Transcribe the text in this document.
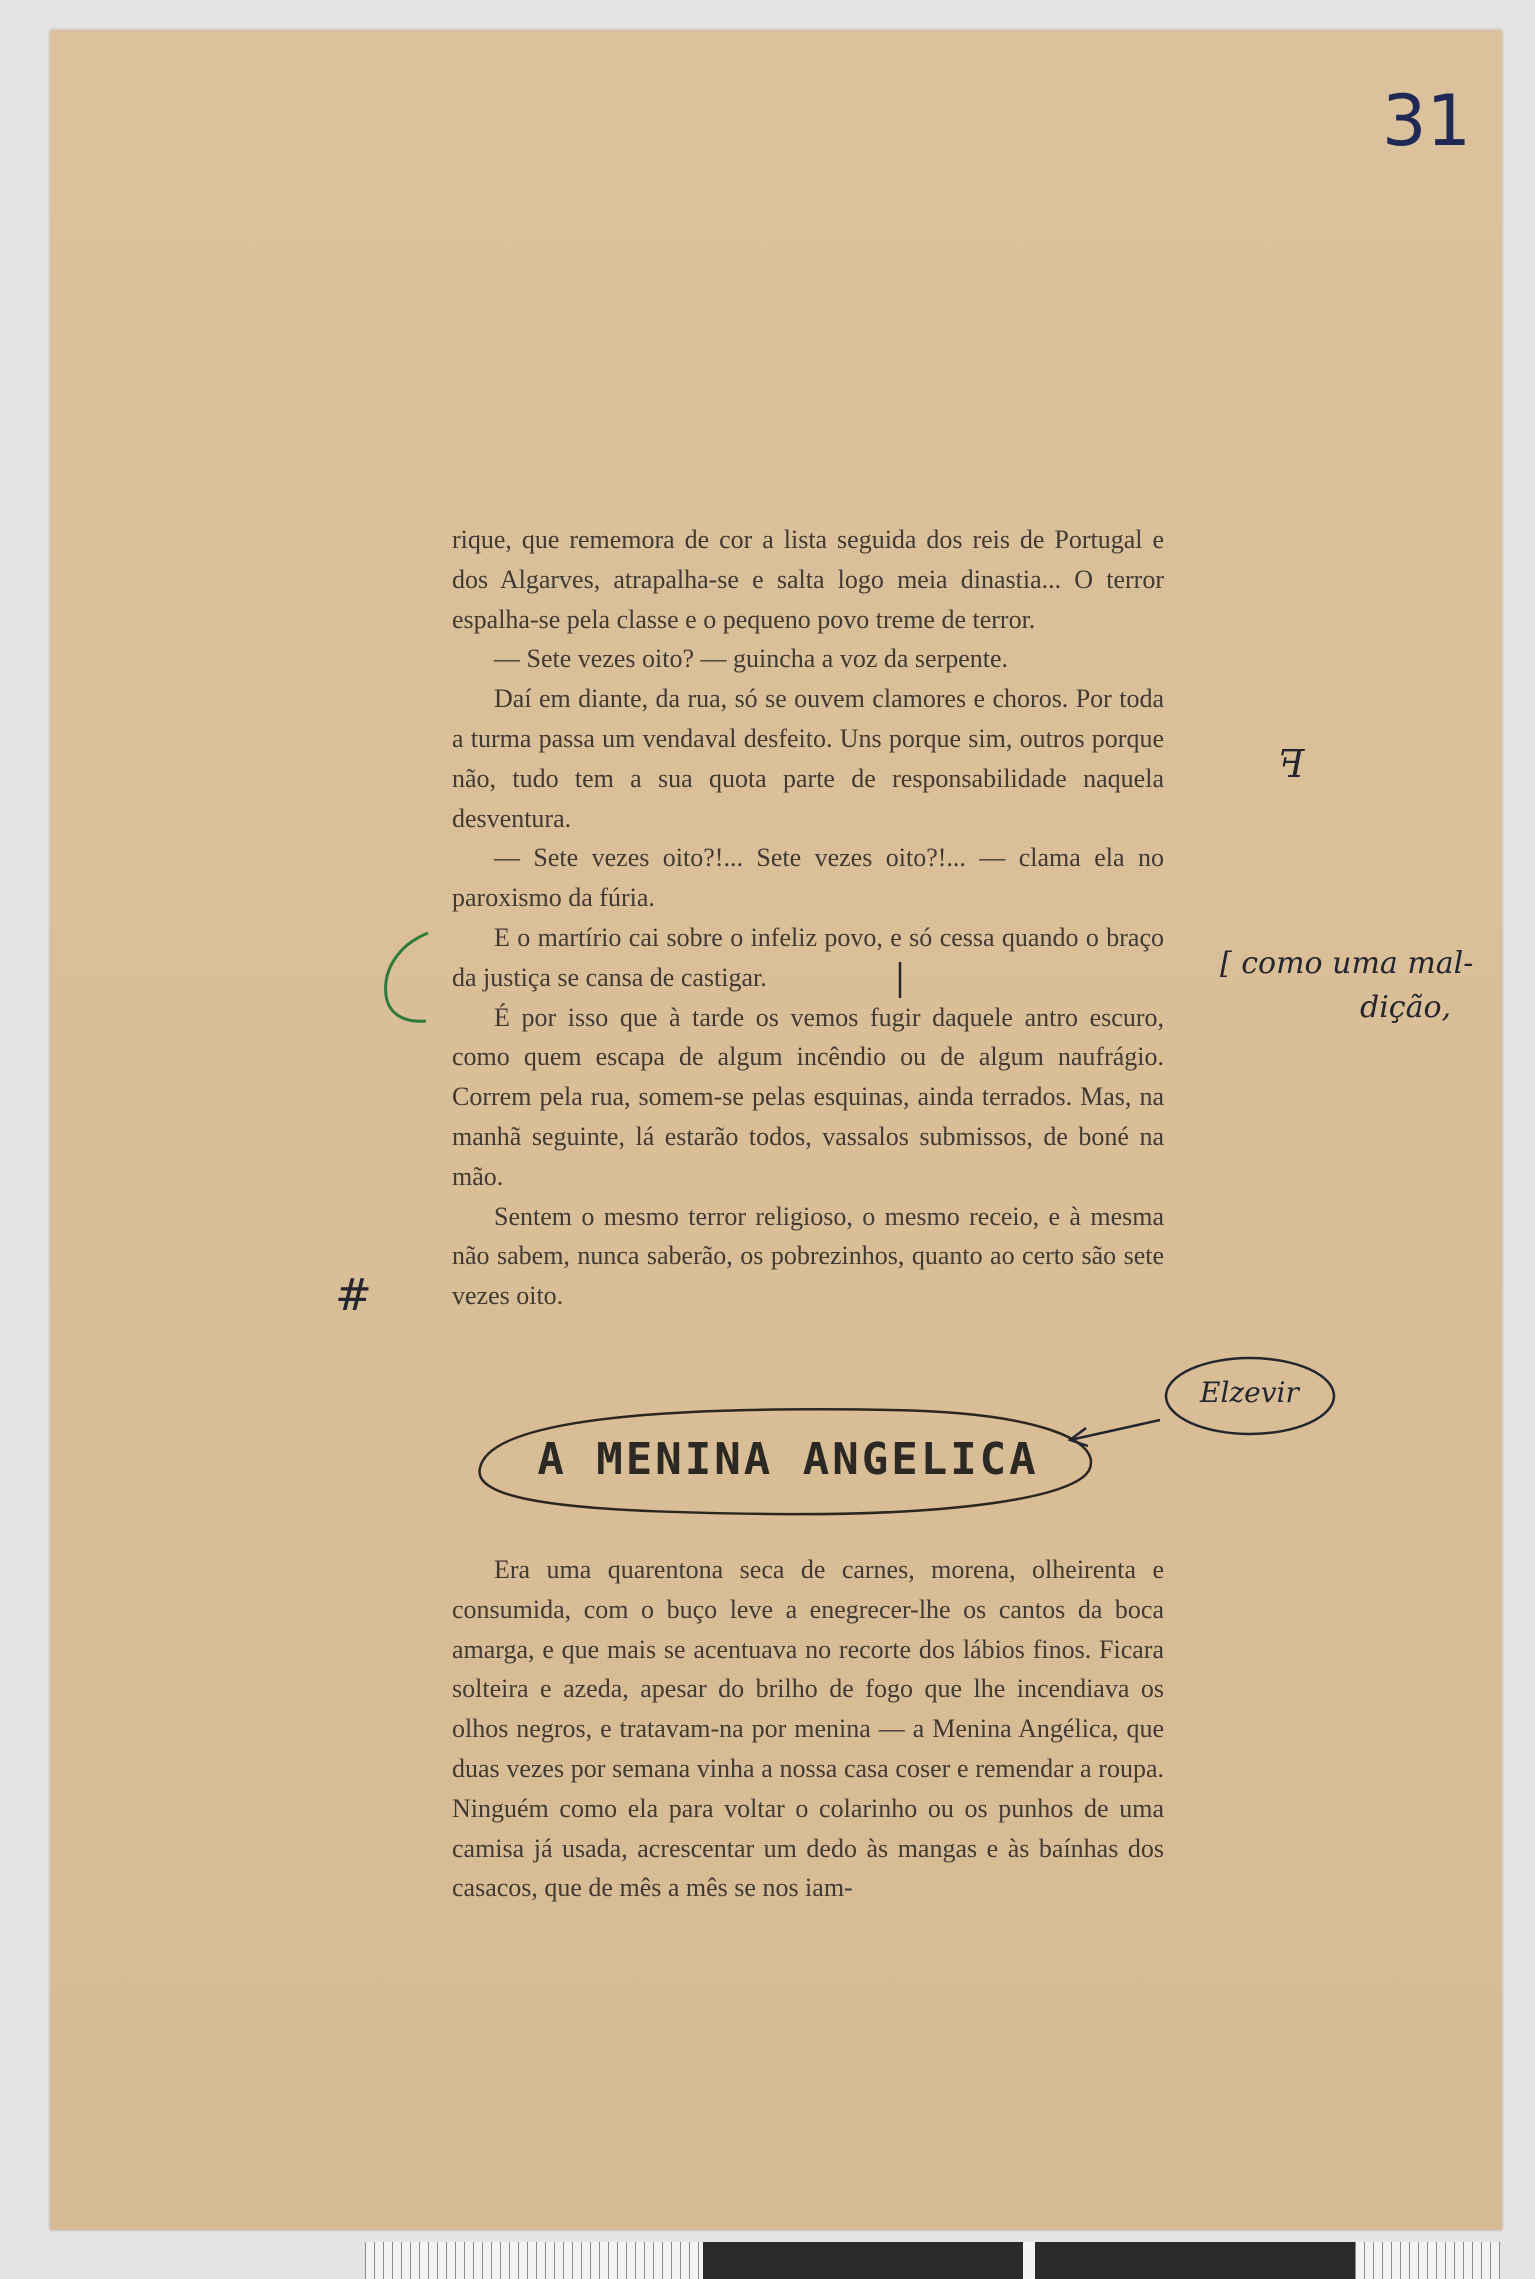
31

rique, que rememora de cor a lista seguida dos reis de Portugal e dos Algarves, atrapalha-se e salta logo meia dinastia... O terror espalha-se pela classe e o pequeno povo treme de terror.

— Sete vezes oito? — guincha a voz da serpente.

Daí em diante, da rua, só se ouvem clamores e choros. Por toda a turma passa um vendaval desfeito. Uns porque sim, outros porque não, tudo tem a sua quota parte de responsabilidade naquela desventura.

— Sete vezes oito?!... Sete vezes oito?!... — clama ela no paroxismo da fúria.

E o martírio cai sobre o infeliz povo, e só cessa quando o braço da justiça se cansa de castigar.

É por isso que à tarde os vemos fugir daquele antro escuro, como quem escapa de algum incêndio ou de algum naufrágio. Correm pela rua, somem-se pelas esquinas, ainda terrados. Mas, na manhã seguinte, lá estarão todos, vassalos submissos, de boné na mão.

Sentem o mesmo terror religioso, o mesmo receio, e à mesma não sabem, nunca saberão, os pobrezinhos, quanto ao certo são sete vezes oito.

ꟻ
[ como uma mal-
dição,
#
A MENINA ANGELICA
Elzevir

Era uma quarentona seca de carnes, morena, olheirenta e consumida, com o buço leve a enegrecer-lhe os cantos da boca amarga, e que mais se acentuava no recorte dos lábios finos. Ficara solteira e azeda, apesar do brilho de fogo que lhe incendiava os olhos negros, e tratavam-na por menina — a Menina Angélica, que duas vezes por semana vinha a nossa casa coser e remendar a roupa. Ninguém como ela para voltar o colarinho ou os punhos de uma camisa já usada, acrescentar um dedo às mangas e às baínhas dos casacos, que de mês a mês se nos iam-
